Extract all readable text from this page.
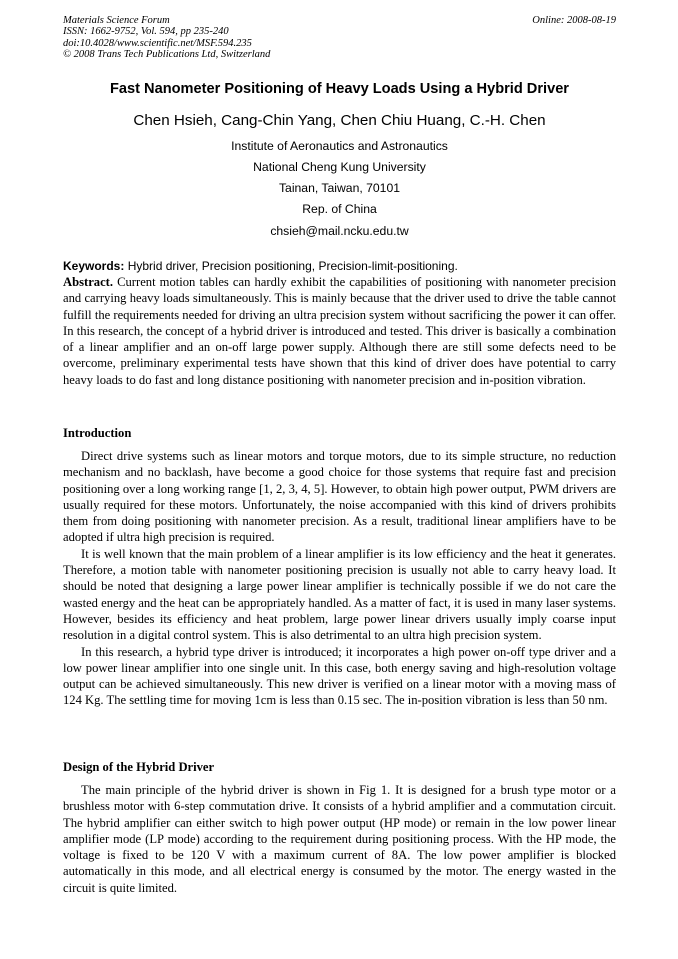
Materials Science Forum
ISSN: 1662-9752, Vol. 594, pp 235-240
doi:10.4028/www.scientific.net/MSF.594.235
© 2008 Trans Tech Publications Ltd, Switzerland
Online: 2008-08-19
Fast Nanometer Positioning of Heavy Loads Using a Hybrid Driver
Chen Hsieh, Cang-Chin Yang, Chen Chiu Huang, C.-H. Chen
Institute of Aeronautics and Astronautics
National Cheng Kung University
Tainan, Taiwan, 70101
Rep. of China
chsieh@mail.ncku.edu.tw
Keywords: Hybrid driver, Precision positioning, Precision-limit-positioning.

Abstract. Current motion tables can hardly exhibit the capabilities of positioning with nanometer precision and carrying heavy loads simultaneously. This is mainly because that the driver used to drive the table cannot fulfill the requirements needed for driving an ultra precision system without sacrificing the power it can offer. In this research, the concept of a hybrid driver is introduced and tested. This driver is basically a combination of a linear amplifier and an on-off large power supply. Although there are still some defects need to be overcome, preliminary experimental tests have shown that this kind of driver does have potential to carry heavy loads to do fast and long distance positioning with nanometer precision and in-position vibration.

Introduction

Direct drive systems such as linear motors and torque motors, due to its simple structure, no reduction mechanism and no backlash, have become a good choice for those systems that require fast and precision positioning over a long working range [1, 2, 3, 4, 5]. However, to obtain high power output, PWM drivers are usually required for these motors. Unfortunately, the noise accompanied with this kind of drivers prohibits them from doing positioning with nanometer precision. As a result, traditional linear amplifiers have to be adopted if ultra high precision is required.

It is well known that the main problem of a linear amplifier is its low efficiency and the heat it generates. Therefore, a motion table with nanometer positioning precision is usually not able to carry heavy load. It should be noted that designing a large power linear amplifier is technically possible if we do not care the wasted energy and the heat can be appropriately handled. As a matter of fact, it is used in many laser systems. However, besides its efficiency and heat problem, large power linear drivers usually imply coarse input resolution in a digital control system. This is also detrimental to an ultra high precision system.

In this research, a hybrid type driver is introduced; it incorporates a high power on-off type driver and a low power linear amplifier into one single unit. In this case, both energy saving and high-resolution voltage output can be achieved simultaneously. This new driver is verified on a linear motor with a moving mass of 124 Kg. The settling time for moving 1cm is less than 0.15 sec. The in-position vibration is less than 50 nm.

Design of the Hybrid Driver

The main principle of the hybrid driver is shown in Fig 1. It is designed for a brush type motor or a brushless motor with 6-step commutation drive. It consists of a hybrid amplifier and a commutation circuit. The hybrid amplifier can either switch to high power output (HP mode) or remain in the low power linear amplifier mode (LP mode) according to the requirement during positioning process. With the HP mode, the voltage is fixed to be 120 V with a maximum current of 8A. The low power amplifier is blocked automatically in this mode, and all electrical energy is consumed by the motor. The energy wasted in the circuit is quite limited.
